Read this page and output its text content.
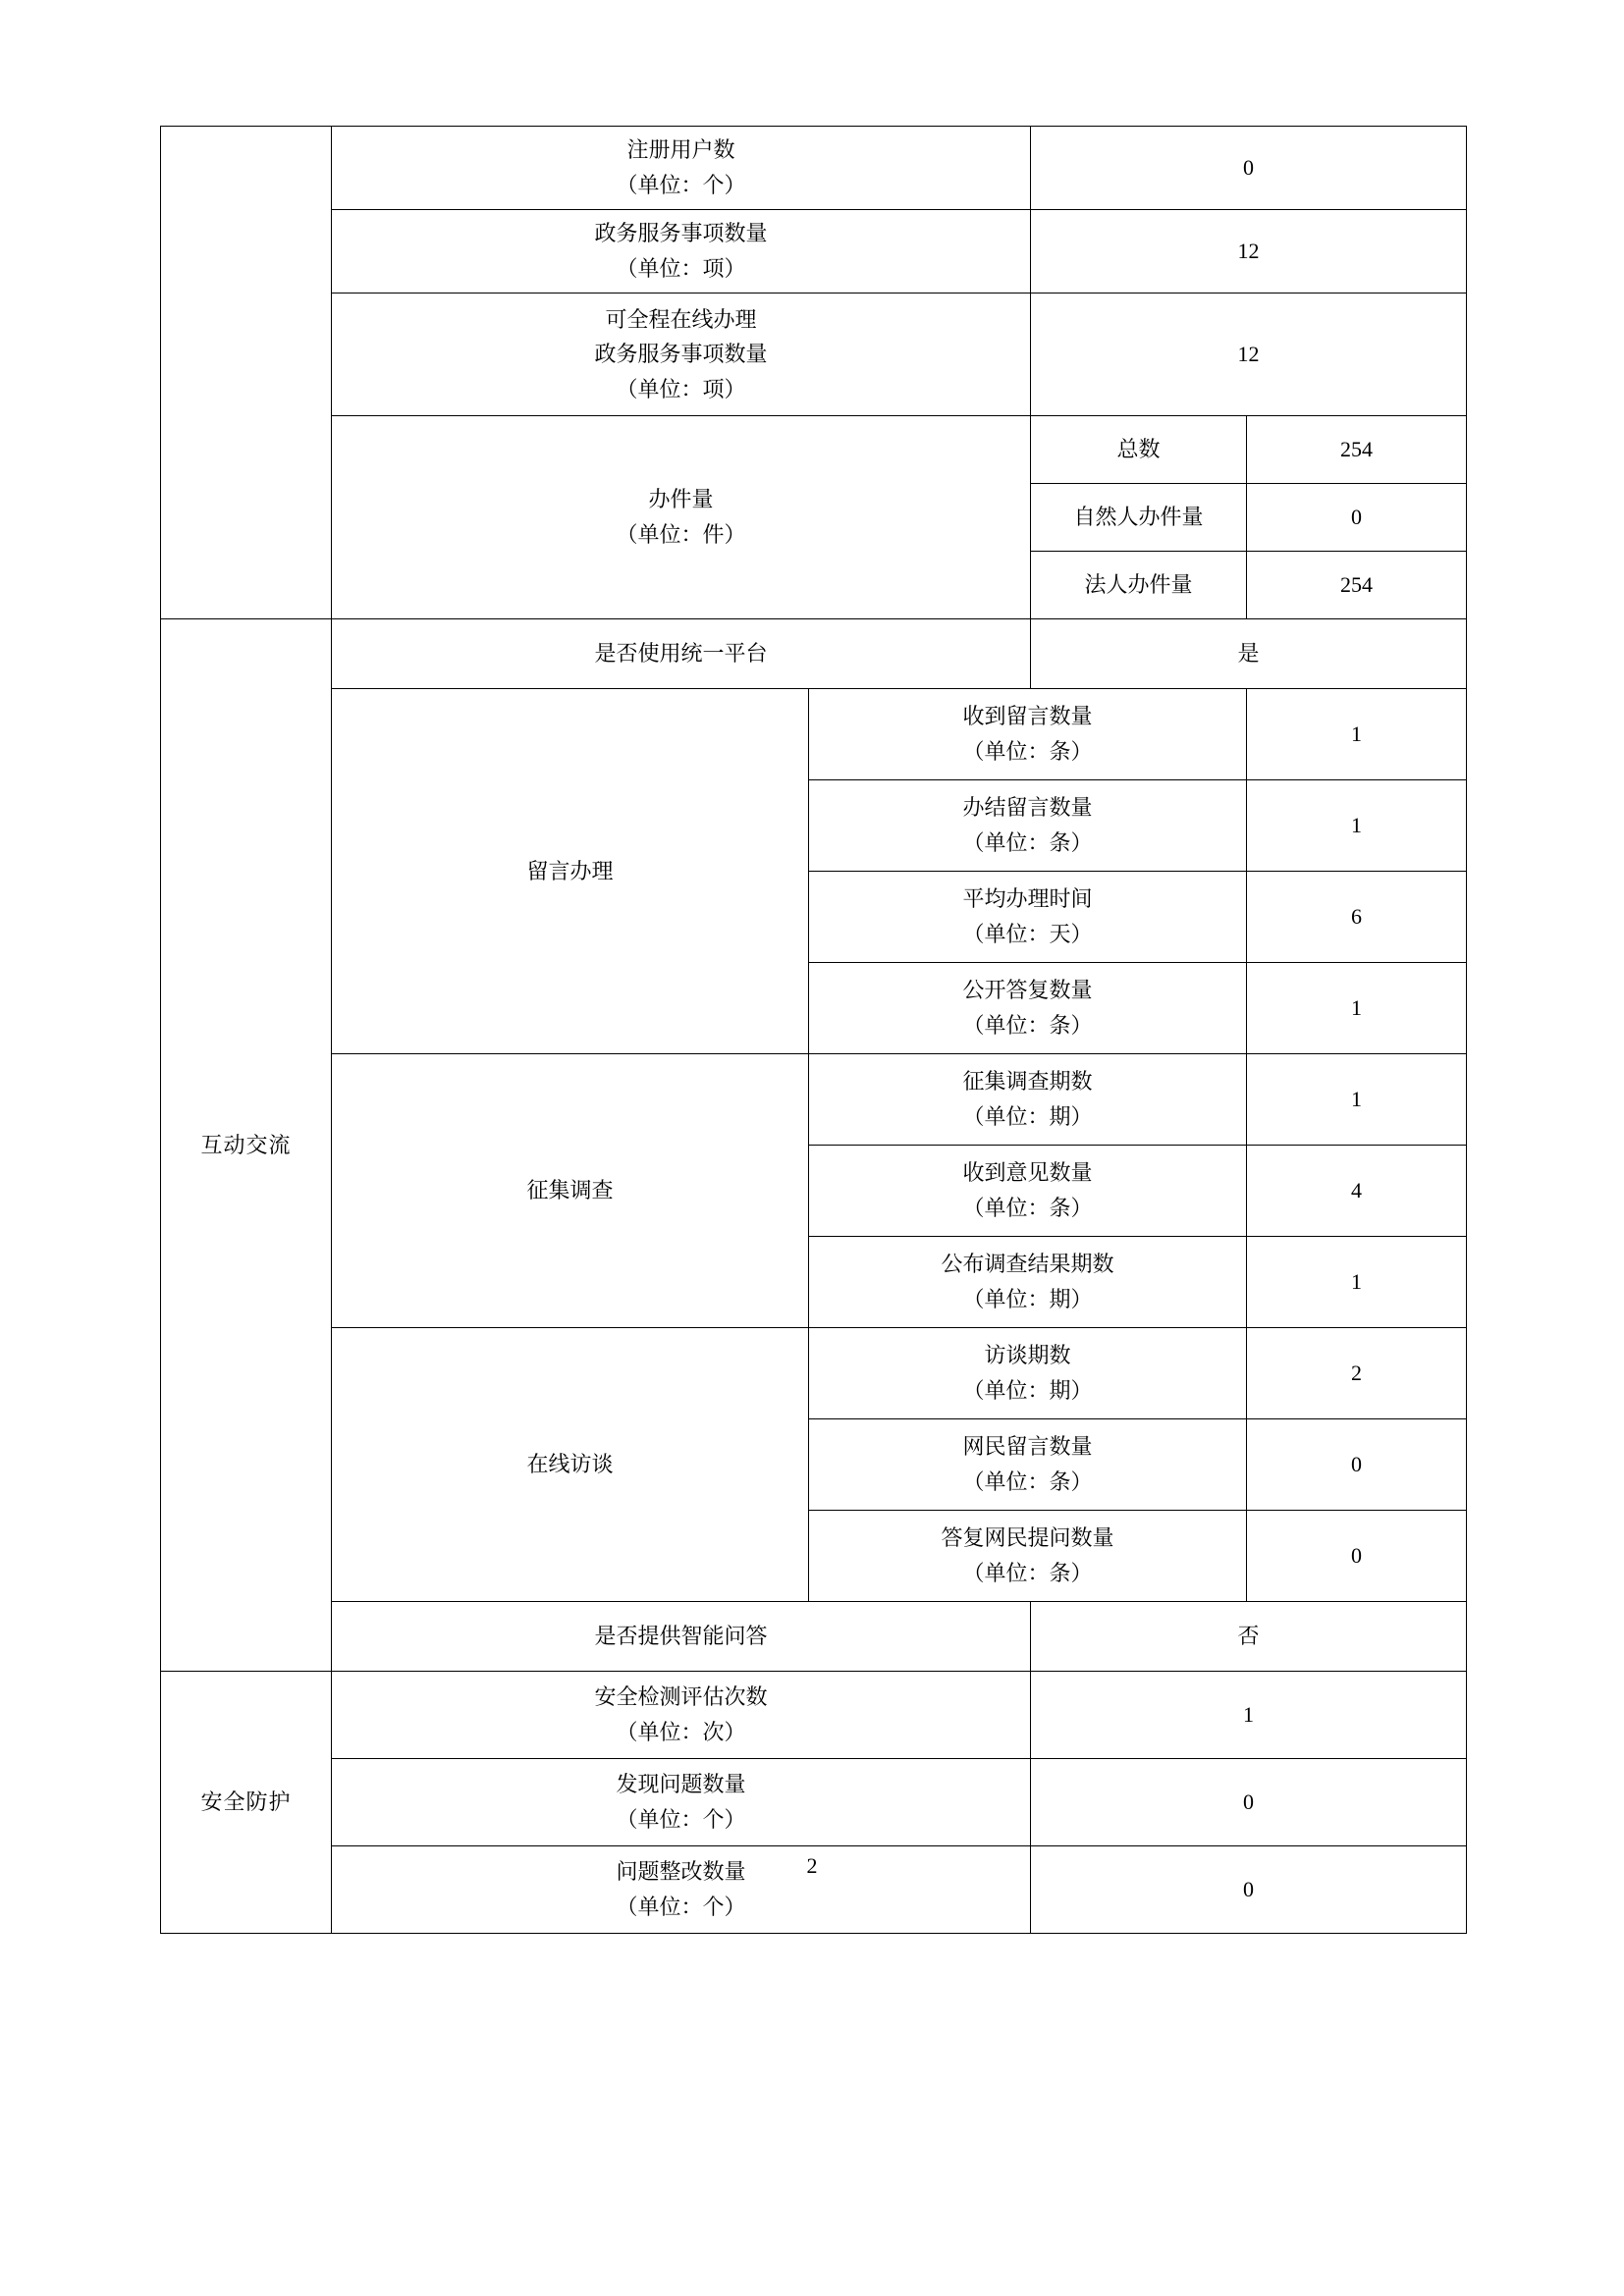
	注册用户数
（单位：个）		0	

	政务服务事项数量
（单位：项）		12	

	可全程在线办理
政务服务事项数量
（单位：项）		12	

	办件量
（单位：件）		总数	254
			自然人办件量	0
			法人办件量	254
互动交流	是否使用统一平台		是	
	留言办理	收到留言数量
（单位：条）		1

		办结留言数量
（单位：条）		1

		平均办理时间
（单位：天）		6

		公开答复数量
（单位：条）		1
	征集调查	征集调查期数
（单位：期）		1

		收到意见数量
（单位：条）		4

		公布调查结果期数
（单位：期）		1
	在线访谈	访谈期数
（单位：期）		2

		网民留言数量
（单位：条）		0

		答复网民提问数量
（单位：条）		0
	是否提供智能问答		否	
安全防护	安全检测评估次数
（单位：次）		1	

	发现问题数量
（单位：个）		0	

	问题整改数量
（单位：个）		0	
2
